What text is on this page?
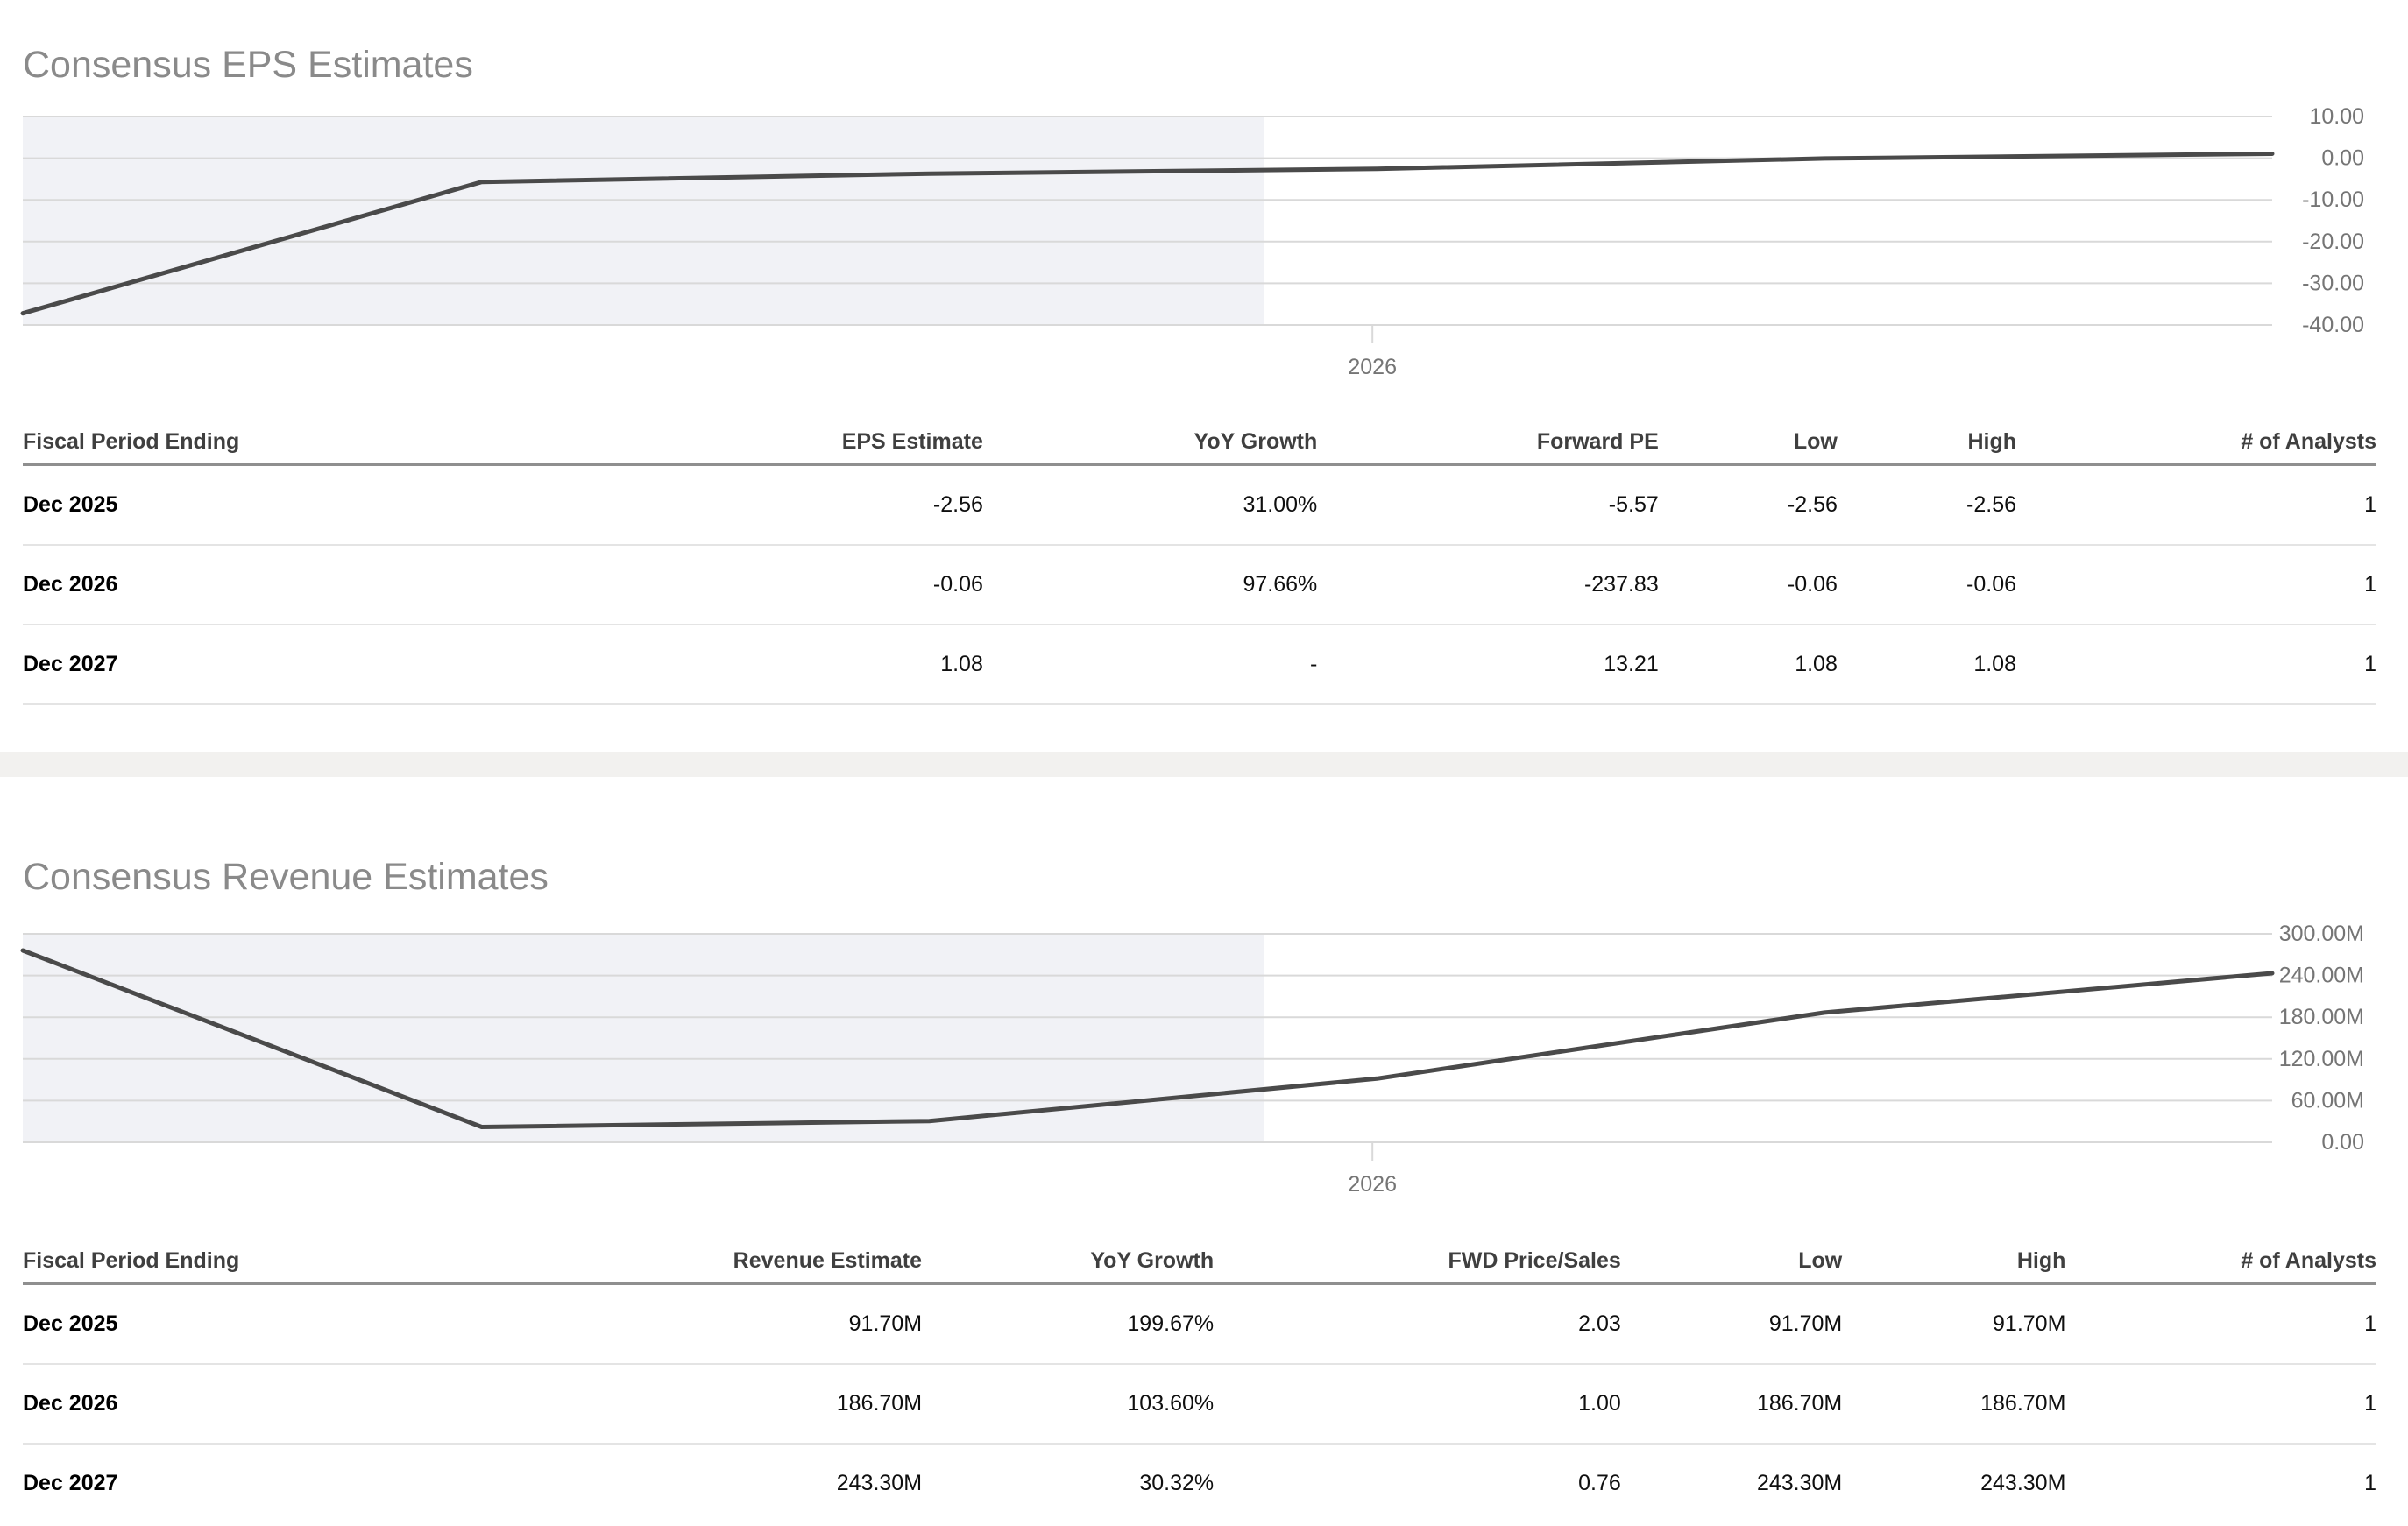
Consensus EPS Estimates
10.00
0.00
-10.00
-20.00
-30.00
-40.00
2026
Fiscal Period Ending	EPS Estimate	YoY Growth	Forward PE	Low	High	# of Analysts
Dec 2025	-2.56	31.00%	-5.57	-2.56	-2.56	1
Dec 2026	-0.06	97.66%	-237.83	-0.06	-0.06	1
Dec 2027	1.08	-	13.21	1.08	1.08	1
Consensus Revenue Estimates
300.00M
240.00M
180.00M
120.00M
60.00M
0.00
2026
Fiscal Period Ending	Revenue Estimate	YoY Growth	FWD Price/Sales	Low	High	# of Analysts
Dec 2025	91.70M	199.67%	2.03	91.70M	91.70M	1
Dec 2026	186.70M	103.60%	1.00	186.70M	186.70M	1
Dec 2027	243.30M	30.32%	0.76	243.30M	243.30M	1
